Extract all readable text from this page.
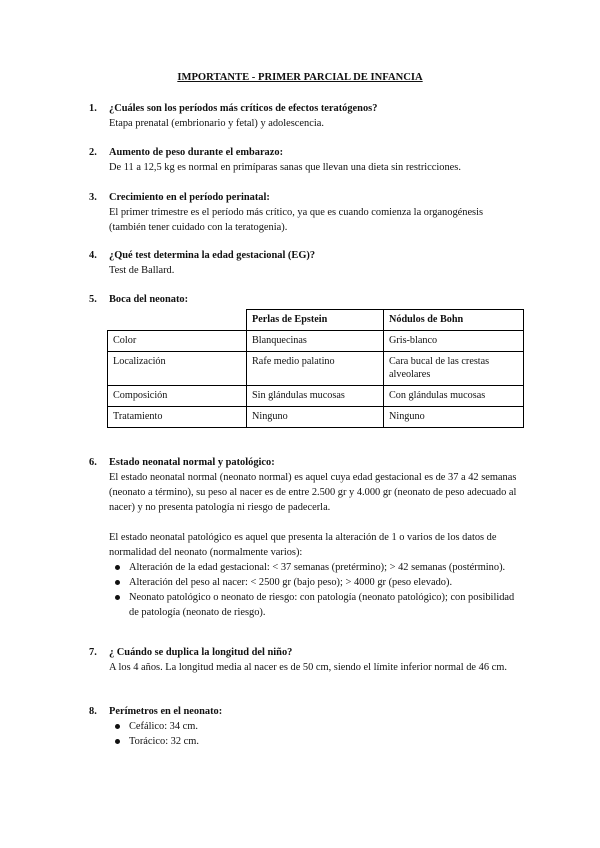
IMPORTANTE - PRIMER PARCIAL DE INFANCIA
1. ¿Cuáles son los períodos más críticos de efectos teratógenos?
Etapa prenatal (embrionario y fetal) y adolescencia.
2. Aumento de peso durante el embarazo:
De 11 a 12,5 kg es normal en primíparas sanas que llevan una dieta sin restricciones.
3. Crecimiento en el período perinatal:
El primer trimestre es el período más crítico, ya que es cuando comienza la organogénesis (también tener cuidado con la teratogenia).
4. ¿Qué test determina la edad gestacional (EG)?
Test de Ballard.
5. Boca del neonato:
	Perlas de Epstein	Nódulos de Bohn
Color	Blanquecinas	Gris-blanco
Localización	Rafe medio palatino	Cara bucal de las crestas alveolares
Composición	Sin glándulas mucosas	Con glándulas mucosas
Tratamiento	Ninguno	Ninguno
6. Estado neonatal normal y patológico:

El estado neonatal normal (neonato normal) es aquel cuya edad gestacional es de 37 a 42 semanas (neonato a término), su peso al nacer es de entre 2.500 gr y 4.000 gr (neonato de peso adecuado al nacer) y no presenta patología ni riesgo de padecerla.

El estado neonatal patológico es aquel que presenta la alteración de 1 o varios de los datos de normalidad del neonato (normalmente varios):

Alteración de la edad gestacional: < 37 semanas (pretérmino); > 42 semanas (postérmino).
Alteración del peso al nacer: < 2500 gr (bajo peso); > 4000 gr (peso elevado).
Neonato patológico o neonato de riesgo: con patología (neonato patológico); con posibilidad de patología (neonato de riesgo).
7. ¿ Cuándo se duplica la longitud del niño?
A los 4 años. La longitud media al nacer es de 50 cm, siendo el límite inferior normal de 46 cm.
8. Perímetros en el neonato:
Cefálico: 34 cm.
Torácico: 32 cm.
